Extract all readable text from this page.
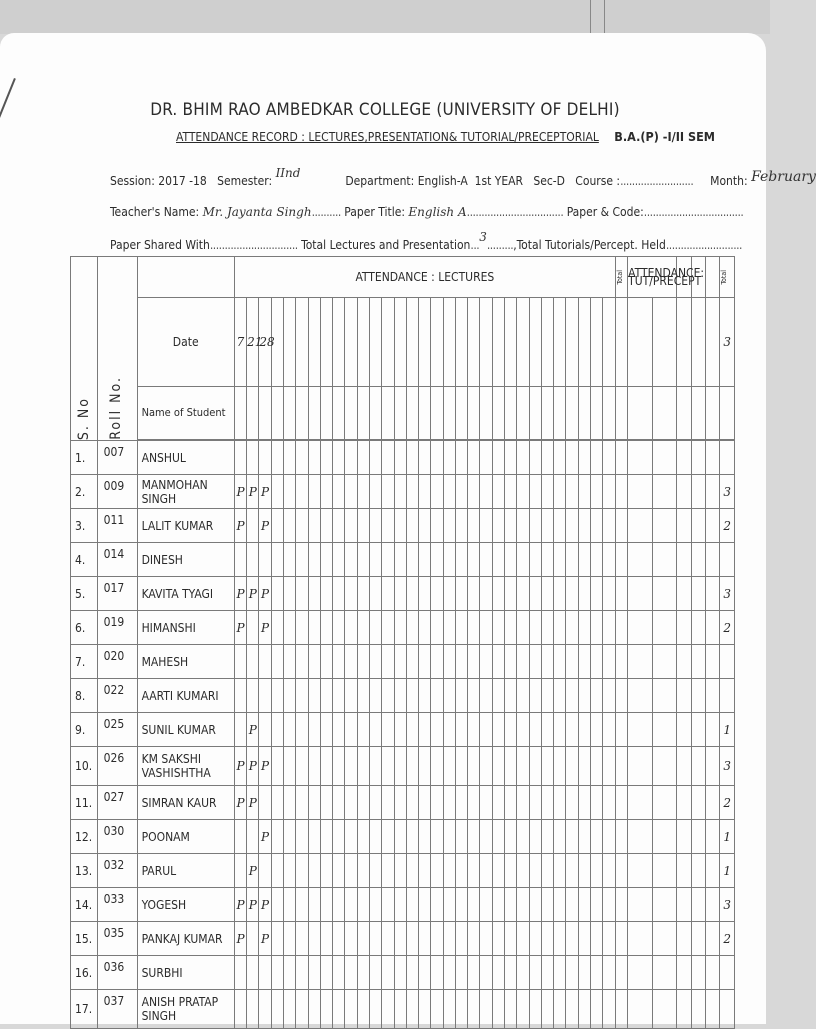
DR. BHIM RAO AMBEDKAR COLLEGE (UNIVERSITY OF DELHI)
ATTENDANCE RECORD : LECTURES,PRESENTATION& TUTORIAL/PRECEPTORIAL B.A.(P) -I/II SEM
Session: 2017 -18 Semester: IInd  Department: English-A 1st YEAR Sec-D Course :......................... Month: February
Teacher's Name: Mr. Jayanta Singh.......... Paper Title: English A................................. Paper & Code:..................................
Paper Shared With.............................. Total Lectures and Presentation...3.........,Total Tutorials/Percept. Held..........................
S. No	Roll No.		ATTENDANCE : LECTURES																															Total	ATTENDANCE: TUT/PRECEPT					Total

		Date	7	21	28																																			3
		Name of Student																																						

1.	007	ANSHUL																																						
2.	009	MANMOHAN SINGH	P	P	P																																			3
3.	011	LALIT KUMAR	P		P																																			2
4.	014	DINESH																																						
5.	017	KAVITA TYAGI	P	P	P																																			3
6.	019	HIMANSHI	P		P																																			2
7.	020	MAHESH																																						
8.	022	AARTI KUMARI																																						
9.	025	SUNIL KUMAR		P																																				1
10.	026	KM SAKSHI VASHISHTHA	P	P	P																																			3
11.	027	SIMRAN KAUR	P	P																																				2
12.	030	POONAM			P																																			1
13.	032	PARUL		P																																				1
14.	033	YOGESH	P	P	P																																			3
15.	035	PANKAJ KUMAR	P		P																																			2
16.	036	SURBHI																																						
17.	037	ANISH PRATAP SINGH																																						
